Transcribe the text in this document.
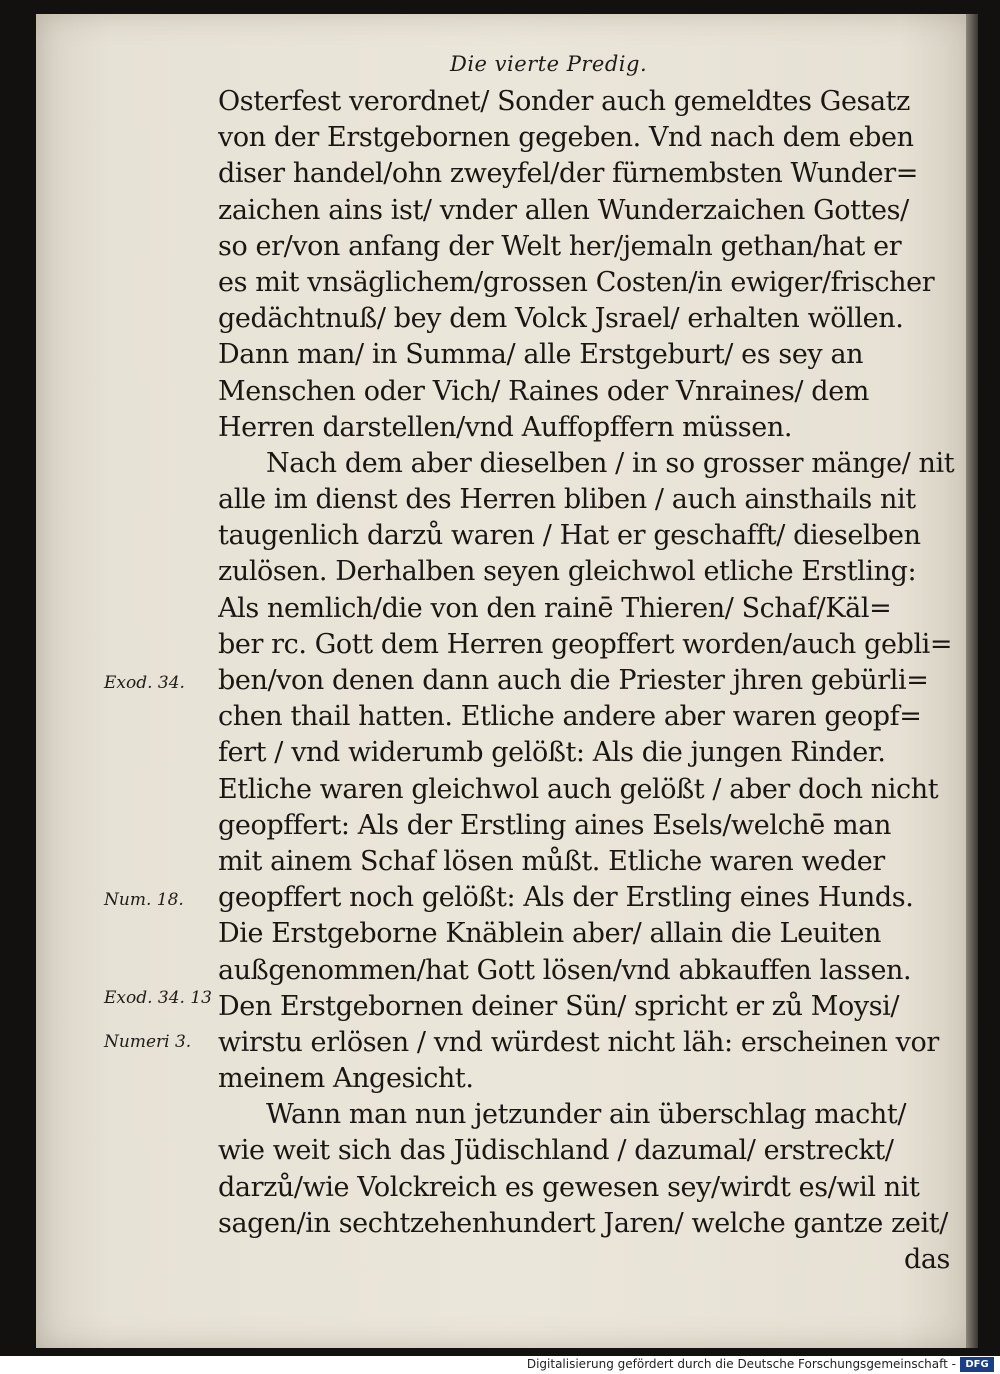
Die vierte Predig.
Osterfest verordnet/ Sonder auch gemeldtes Gesatz
von der Erstgebornen gegeben. Vnd nach dem eben
diser handel/ohn zweyfel/der fürnembsten Wunder=
zaichen ains ist/ vnder allen Wunderzaichen Gottes/
so er/von anfang der Welt her/jemaln gethan/hat er
es mit vnsäglichem/grossen Costen/in ewiger/frischer
gedächtnuß/ bey dem Volck Jsrael/ erhalten wöllen.
Dann man/ in Summa/ alle Erstgeburt/ es sey an
Menschen oder Vich/ Raines oder Vnraines/ dem
Herren darstellen/vnd Auffopffern müssen.
Nach dem aber dieselben / in so grosser mänge/ nit
alle im dienst des Herren bliben / auch ainsthails nit
taugenlich darzů waren / Hat er geschafft/ dieselben
zulösen. Derhalben seyen gleichwol etliche Erstling:
Als nemlich/die von den rainē Thieren/ Schaf/Käl=
ber rc. Gott dem Herren geopffert worden/auch gebli=
ben/von denen dann auch die Priester jhren gebürli=
chen thail hatten. Etliche andere aber waren geopf=
fert / vnd widerumb gelößt: Als die jungen Rinder.
Etliche waren gleichwol auch gelößt / aber doch nicht
geopffert: Als der Erstling aines Esels/welchē man
mit ainem Schaf lösen můßt. Etliche waren weder
geopffert noch gelößt: Als der Erstling eines Hunds.
Die Erstgeborne Knäblein aber/ allain die Leuiten
außgenommen/hat Gott lösen/vnd abkauffen lassen.
Den Erstgebornen deiner Sün/ spricht er zů Moysi/
wirstu erlösen / vnd würdest nicht läh: erscheinen vor
meinem Angesicht.
Wann man nun jetzunder ain überschlag macht/
wie weit sich das Jüdischland / dazumal/ erstreckt/
darzů/wie Volckreich es gewesen sey/wirdt es/wil nit
sagen/in sechtzehenhundert Jaren/ welche gantze zeit/
das
Exod. 34.
Num. 18.
Exod. 34. 13
Numeri 3.
Digitalisierung gefördert durch die Deutsche Forschungsgemeinschaft - DFG
